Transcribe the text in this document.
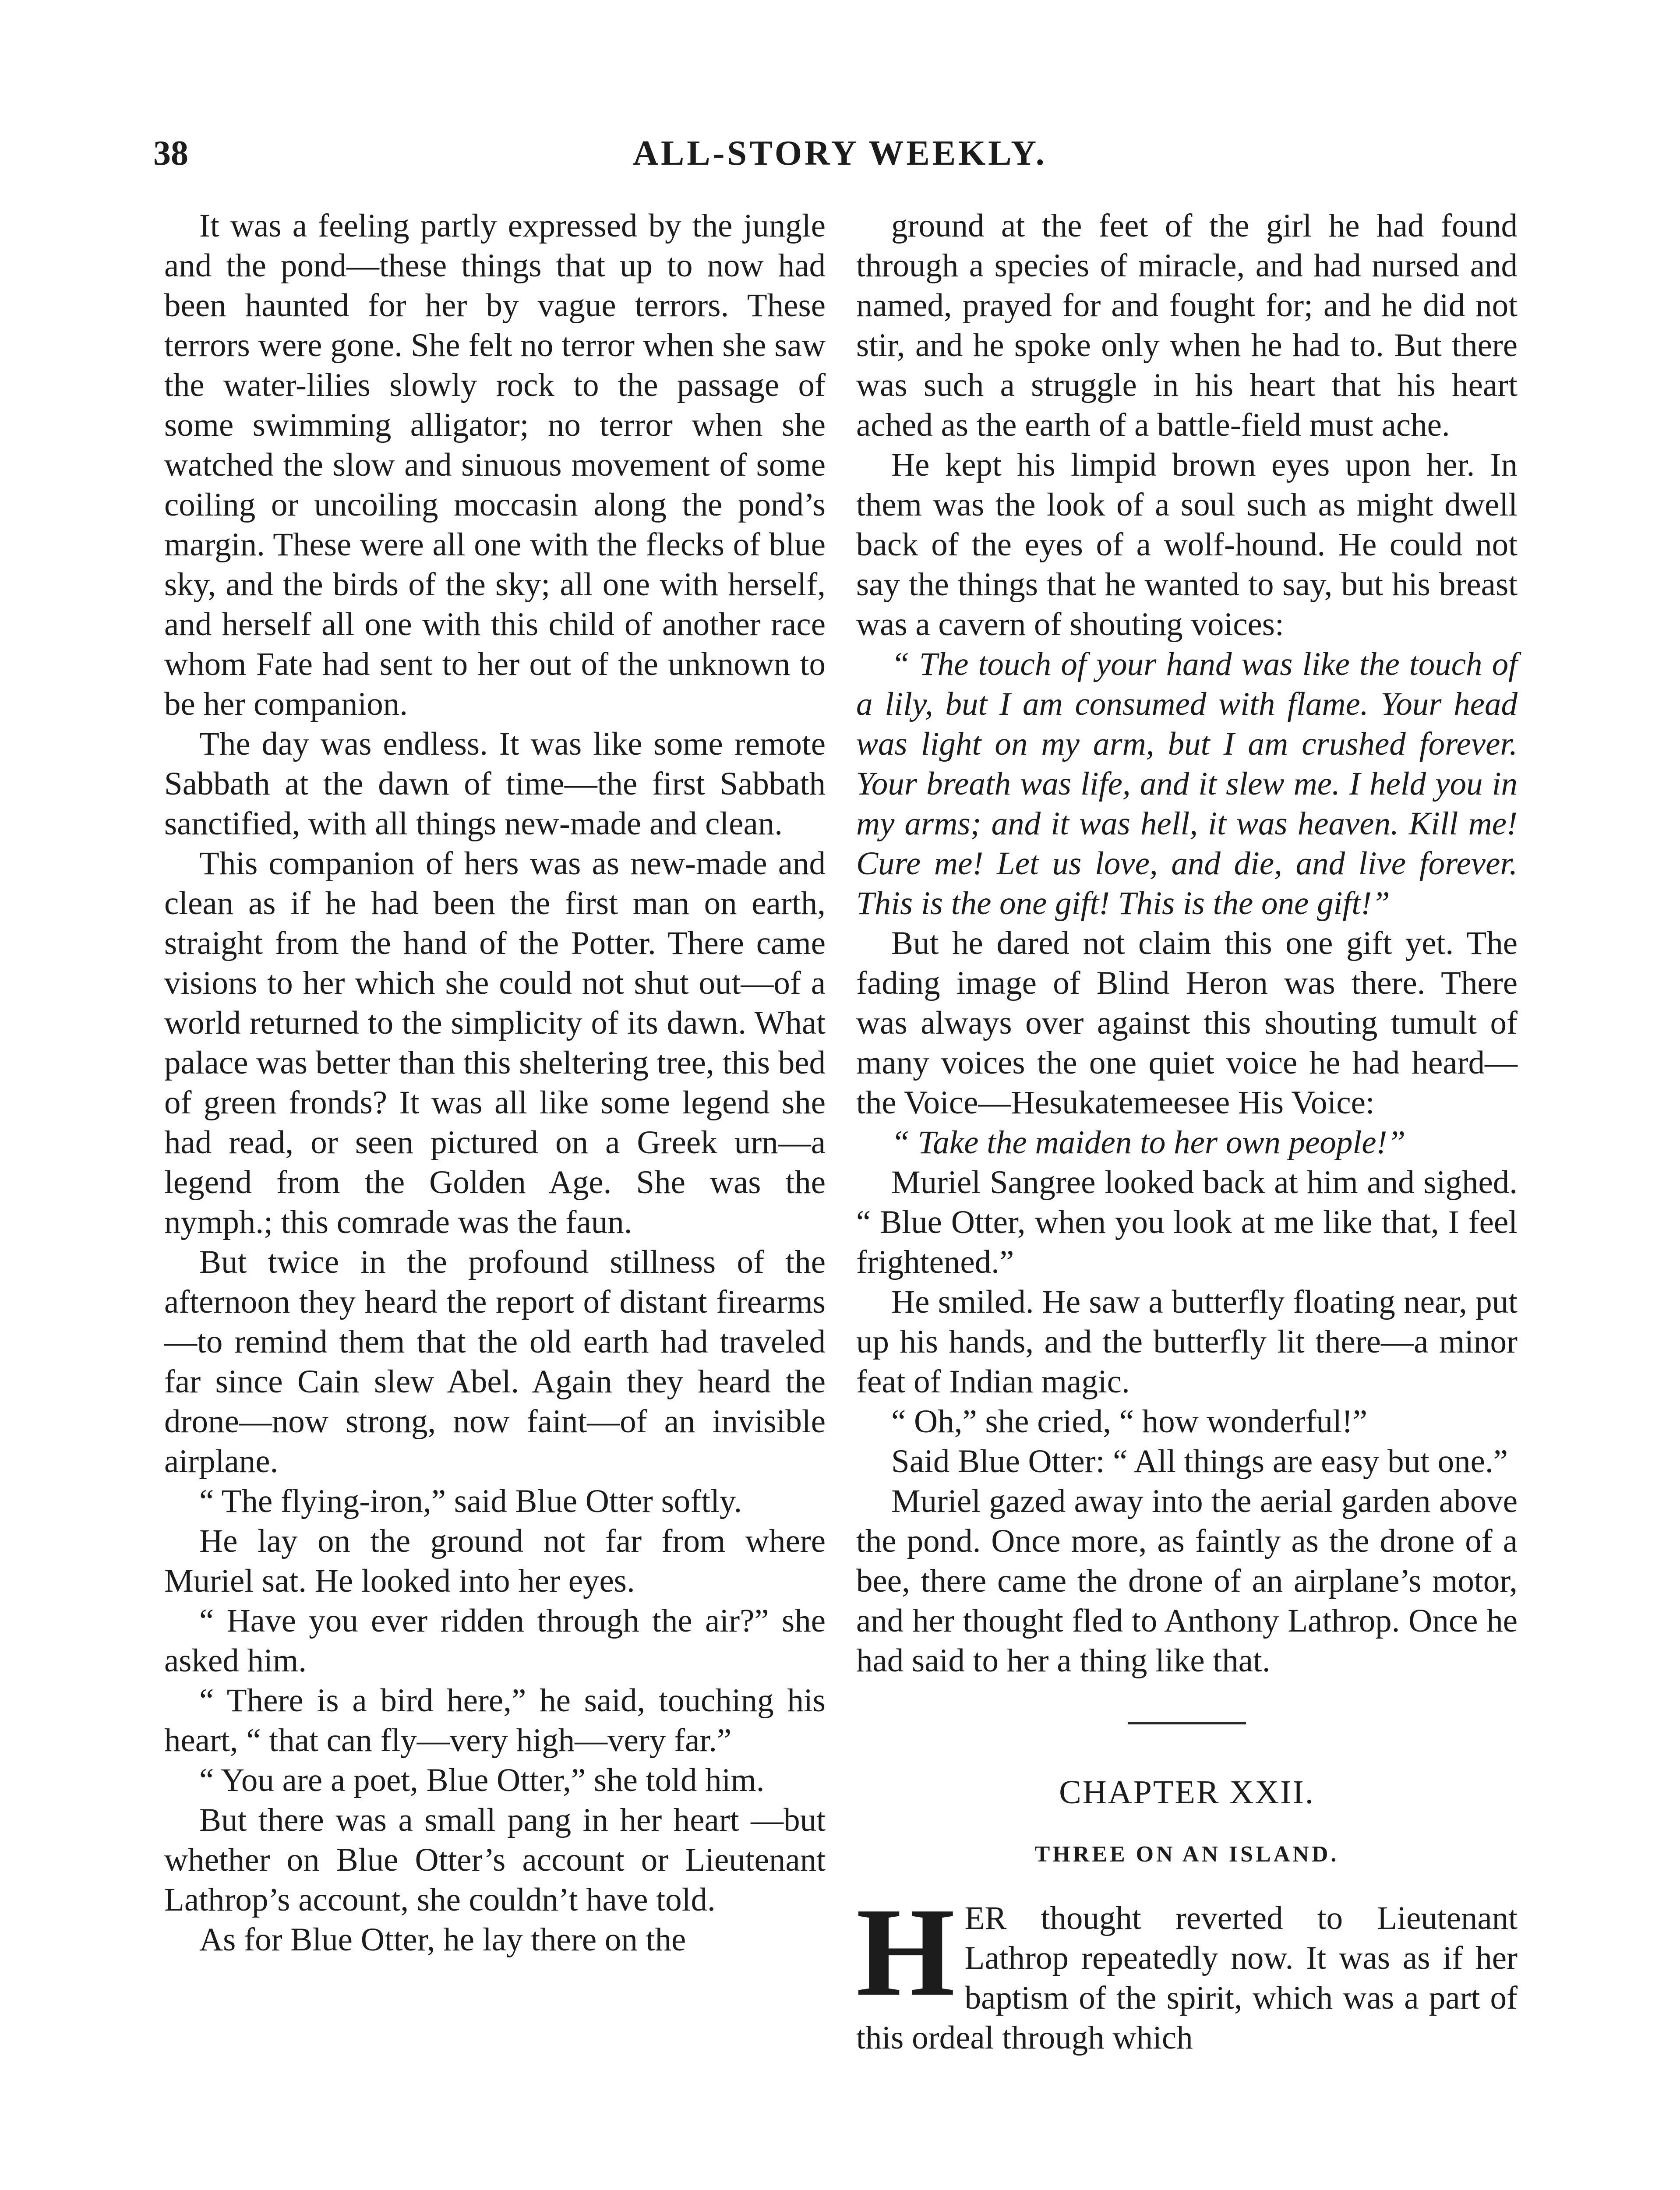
38	ALL-STORY WEEKLY.

It was a feeling partly expressed by the jungle and the pond—these things that up to now had been haunted for her by vague terrors. These terrors were gone. She felt no terror when she saw the water-lilies slowly rock to the passage of some swimming alligator; no terror when she watched the slow and sinuous movement of some coiling or uncoiling moccasin along the pond’s margin. These were all one with the flecks of blue sky, and the birds of the sky; all one with herself, and herself all one with this child of another race whom Fate had sent to her out of the unknown to be her companion.

The day was endless. It was like some remote Sabbath at the dawn of time—the first Sabbath sanctified, with all things new-made and clean.

This companion of hers was as new-made and clean as if he had been the first man on earth, straight from the hand of the Potter. There came visions to her which she could not shut out—of a world returned to the simplicity of its dawn. What palace was better than this sheltering tree, this bed of green fronds? It was all like some legend she had read, or seen pictured on a Greek urn—a legend from the Golden Age. She was the nymph.; this comrade was the faun.

But twice in the profound stillness of the afternoon they heard the report of distant firearms—to remind them that the old earth had traveled far since Cain slew Abel. Again they heard the drone—now strong, now faint—of an invisible airplane.

“ The flying-iron,” said Blue Otter softly.

He lay on the ground not far from where Muriel sat. He looked into her eyes.

“ Have you ever ridden through the air?” she asked him.

“ There is a bird here,” he said, touching his heart, “ that can fly—very high—very far.”

“ You are a poet, Blue Otter,” she told him.

But there was a small pang in her heart —but whether on Blue Otter’s account or Lieutenant Lathrop’s account, she couldn’t have told.

As for Blue Otter, he lay there on the

ground at the feet of the girl he had found through a species of miracle, and had nursed and named, prayed for and fought for; and he did not stir, and he spoke only when he had to. But there was such a struggle in his heart that his heart ached as the earth of a battle-field must ache.

He kept his limpid brown eyes upon her. In them was the look of a soul such as might dwell back of the eyes of a wolf-hound. He could not say the things that he wanted to say, but his breast was a cavern of shouting voices:

“ The touch of your hand was like the touch of a lily, but I am consumed with flame. Your head was light on my arm, but I am crushed forever. Your breath was life, and it slew me. I held you in my arms; and it was hell, it was heaven. Kill me! Cure me! Let us love, and die, and live forever. This is the one gift! This is the one gift!”

But he dared not claim this one gift yet. The fading image of Blind Heron was there. There was always over against this shouting tumult of many voices the one quiet voice he had heard—the Voice—Hesukatemeesee His Voice:

“ Take the maiden to her own people!”

Muriel Sangree looked back at him and sighed. “ Blue Otter, when you look at me like that, I feel frightened.”

He smiled. He saw a butterfly floating near, put up his hands, and the butterfly lit there—a minor feat of Indian magic.

“ Oh,” she cried, “ how wonderful!”

Said Blue Otter: “ All things are easy but one.”

Muriel gazed away into the aerial garden above the pond. Once more, as faintly as the drone of a bee, there came the drone of an airplane’s motor, and her thought fled to Anthony Lathrop. Once he had said to her a thing like that.

CHAPTER XXII.
THREE ON AN ISLAND.

HER thought reverted to Lieutenant Lathrop repeatedly now. It was as if her baptism of the spirit, which was a part of this ordeal through which
